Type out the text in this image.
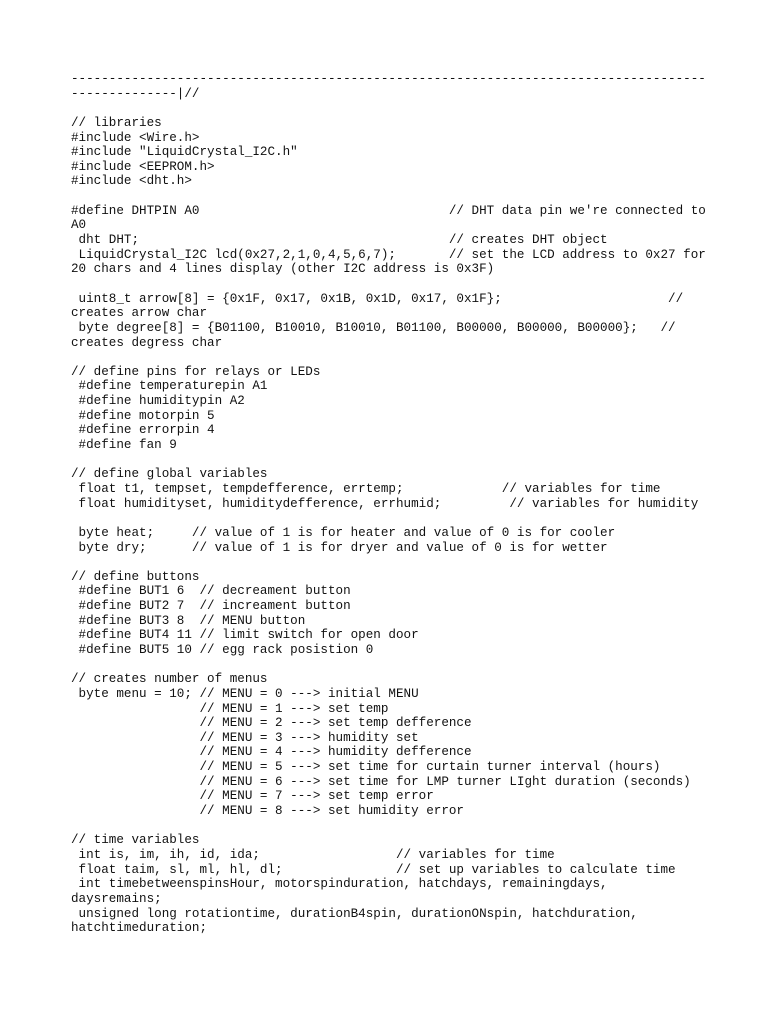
------------------------------------------------------------------------------------
--------------|//
// libraries
#include <Wire.h>
#include "LiquidCrystal_I2C.h"
#include <EEPROM.h>
#include <dht.h>
#define DHTPIN A0                                 // DHT data pin we're connected to
A0
dht DHT;                                         // creates DHT object
LiquidCrystal_I2C lcd(0x27,2,1,0,4,5,6,7);       // set the LCD address to 0x27 for
20 chars and 4 lines display (other I2C address is 0x3F)
uint8_t arrow[8] = {0x1F, 0x17, 0x1B, 0x1D, 0x17, 0x1F};                      //
creates arrow char
byte degree[8] = {B01100, B10010, B10010, B01100, B00000, B00000, B00000};   //
creates degress char
// define pins for relays or LEDs
#define temperaturepin A1
#define humiditypin A2
#define motorpin 5
#define errorpin 4
#define fan 9
// define global variables
float t1, tempset, tempdefference, errtemp;             // variables for time
float humidityset, humiditydefference, errhumid;         // variables for humidity
byte heat;     // value of 1 is for heater and value of 0 is for cooler
byte dry;      // value of 1 is for dryer and value of 0 is for wetter
// define buttons
#define BUT1 6  // decreament button
#define BUT2 7  // increament button
#define BUT3 8  // MENU button
#define BUT4 11 // limit switch for open door
#define BUT5 10 // egg rack posistion 0
// creates number of menus
byte menu = 10; // MENU = 0 ---> initial MENU
// MENU = 1 ---> set temp
// MENU = 2 ---> set temp defference
// MENU = 3 ---> humidity set
// MENU = 4 ---> humidity defference
// MENU = 5 ---> set time for curtain turner interval (hours)
// MENU = 6 ---> set time for LMP turner LIght duration (seconds)
// MENU = 7 ---> set temp error
// MENU = 8 ---> set humidity error
// time variables
int is, im, ih, id, ida;                  // variables for time
float taim, sl, ml, hl, dl;               // set up variables to calculate time
int timebetweenspinsHour, motorspinduration, hatchdays, remainingdays,
daysremains;
unsigned long rotationtime, durationB4spin, durationONspin, hatchduration,
hatchtimeduration;
